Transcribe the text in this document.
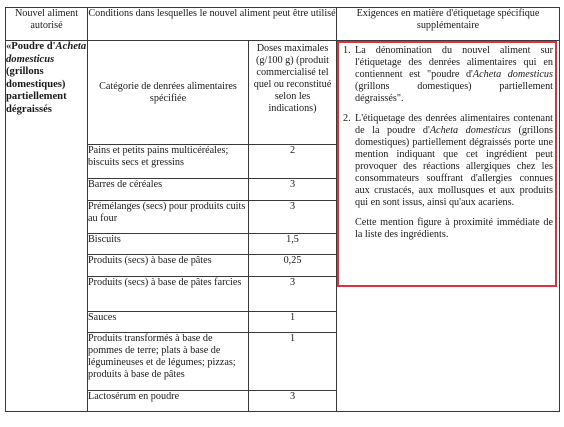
Nouvel aliment autorisé	Conditions dans lesquelles le nouvel aliment peut être utilisé		Exigences en matière d'étiquetage spécifique supplémentaire
«Poudre d'Acheta domesticus (grillons domestiques) partiellement dégraissés	Catégorie de denrées alimentaires spécifiée	Doses maximales (g/100 g) (produit commercialisé tel quel ou reconstitué selon les indications)	1. La dénomination du nouvel aliment sur l'étiquetage des denrées alimentaires qui en contiennent est "poudre d'Acheta domesticus (grillons domestiques) partiellement dégraissés".
2. L'étiquetage des denrées alimentaires contenant de la poudre d'Acheta domesticus (grillons domestiques) partiellement dégraissés porte une mention indiquant que cet ingrédient peut provoquer des réactions allergiques chez les consommateurs souffrant d'allergies connues aux crustacés, aux mollusques et aux produits qui en sont issus, ainsi qu'aux acariens.
Cette mention figure à proximité immédiate de la liste des ingrédients.

	Pains et petits pains multicéréales; biscuits secs et gressins	2	
	Barres de céréales	3	
	Prémélanges (secs) pour produits cuits au four	3	
	Biscuits	1,5	
	Produits (secs) à base de pâtes	0,25	
	Produits (secs) à base de pâtes farcies	3	
	Sauces	1	
	Produits transformés à base de pommes de terre; plats à base de légumineuses et de légumes; pizzas; produits à base de pâtes	1	
	Lactosérum en poudre	3	
